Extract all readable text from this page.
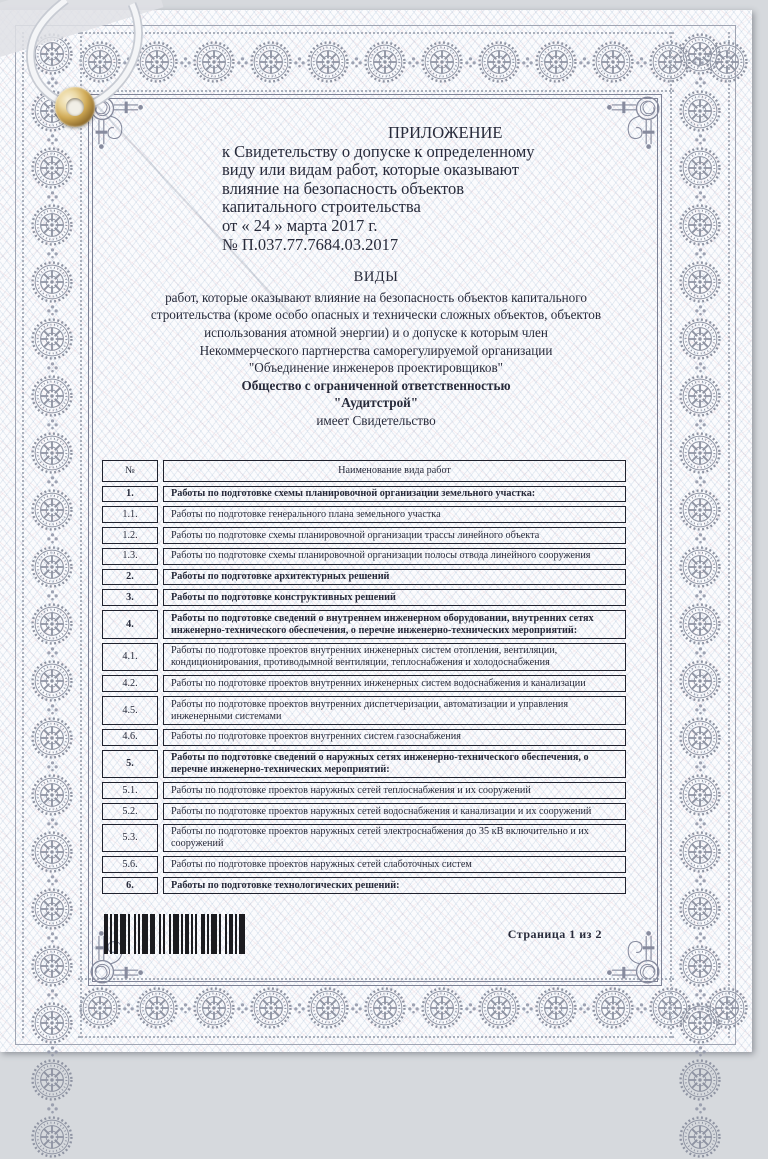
ПРИЛОЖЕНИЕ
к Свидетельству о допуске к определенному
виду или видам работ, которые оказывают
влияние на безопасность объектов
капитального строительства
от « 24 » марта 2017 г.
№ П.037.77.7684.03.2017
ВИДЫ
работ, которые оказывают влияние на безопасность объектов капитального
строительства (кроме особо опасных и технически сложных объектов, объектов
использования атомной энергии) и о допуске к которым член
Некоммерческого партнерства саморегулируемой организации
"Объединение инженеров проектировщиков"
Общество с ограниченной ответственностью
"Аудитстрой"
имеет Свидетельство
№	Наименование вида работ
1.	Работы по подготовке схемы планировочной организации земельного участка:
1.1.	Работы по подготовке генерального плана земельного участка
1.2.	Работы по подготовке схемы планировочной организации трассы линейного объекта
1.3.	Работы по подготовке схемы планировочной организации полосы отвода линейного сооружения
2.	Работы по подготовке архитектурных решений
3.	Работы по подготовке конструктивных решений
4.	Работы по подготовке сведений о внутреннем инженерном оборудовании, внутренних сетях инженерно-технического обеспечения, о перечне инженерно-технических мероприятий:
4.1.	Работы по подготовке проектов внутренних инженерных систем отопления, вентиляции, кондиционирования, противодымной вентиляции, теплоснабжения и холодоснабжения
4.2.	Работы по подготовке проектов внутренних инженерных систем водоснабжения и канализации
4.5.	Работы по подготовке проектов внутренних диспетчеризации, автоматизации и управления инженерными системами
4.6.	Работы по подготовке проектов внутренних систем газоснабжения
5.	Работы по подготовке сведений о наружных сетях инженерно-технического обеспечения, о перечне инженерно-технических мероприятий:
5.1.	Работы по подготовке проектов наружных сетей теплоснабжения и их сооружений
5.2.	Работы по подготовке проектов наружных сетей водоснабжения и канализации и их сооружений
5.3.	Работы по подготовке проектов наружных сетей электроснабжения до 35 кВ включительно и их сооружений
5.6.	Работы по подготовке проектов наружных сетей слаботочных систем
6.	Работы по подготовке технологических решений:
Страница 1 из 2
